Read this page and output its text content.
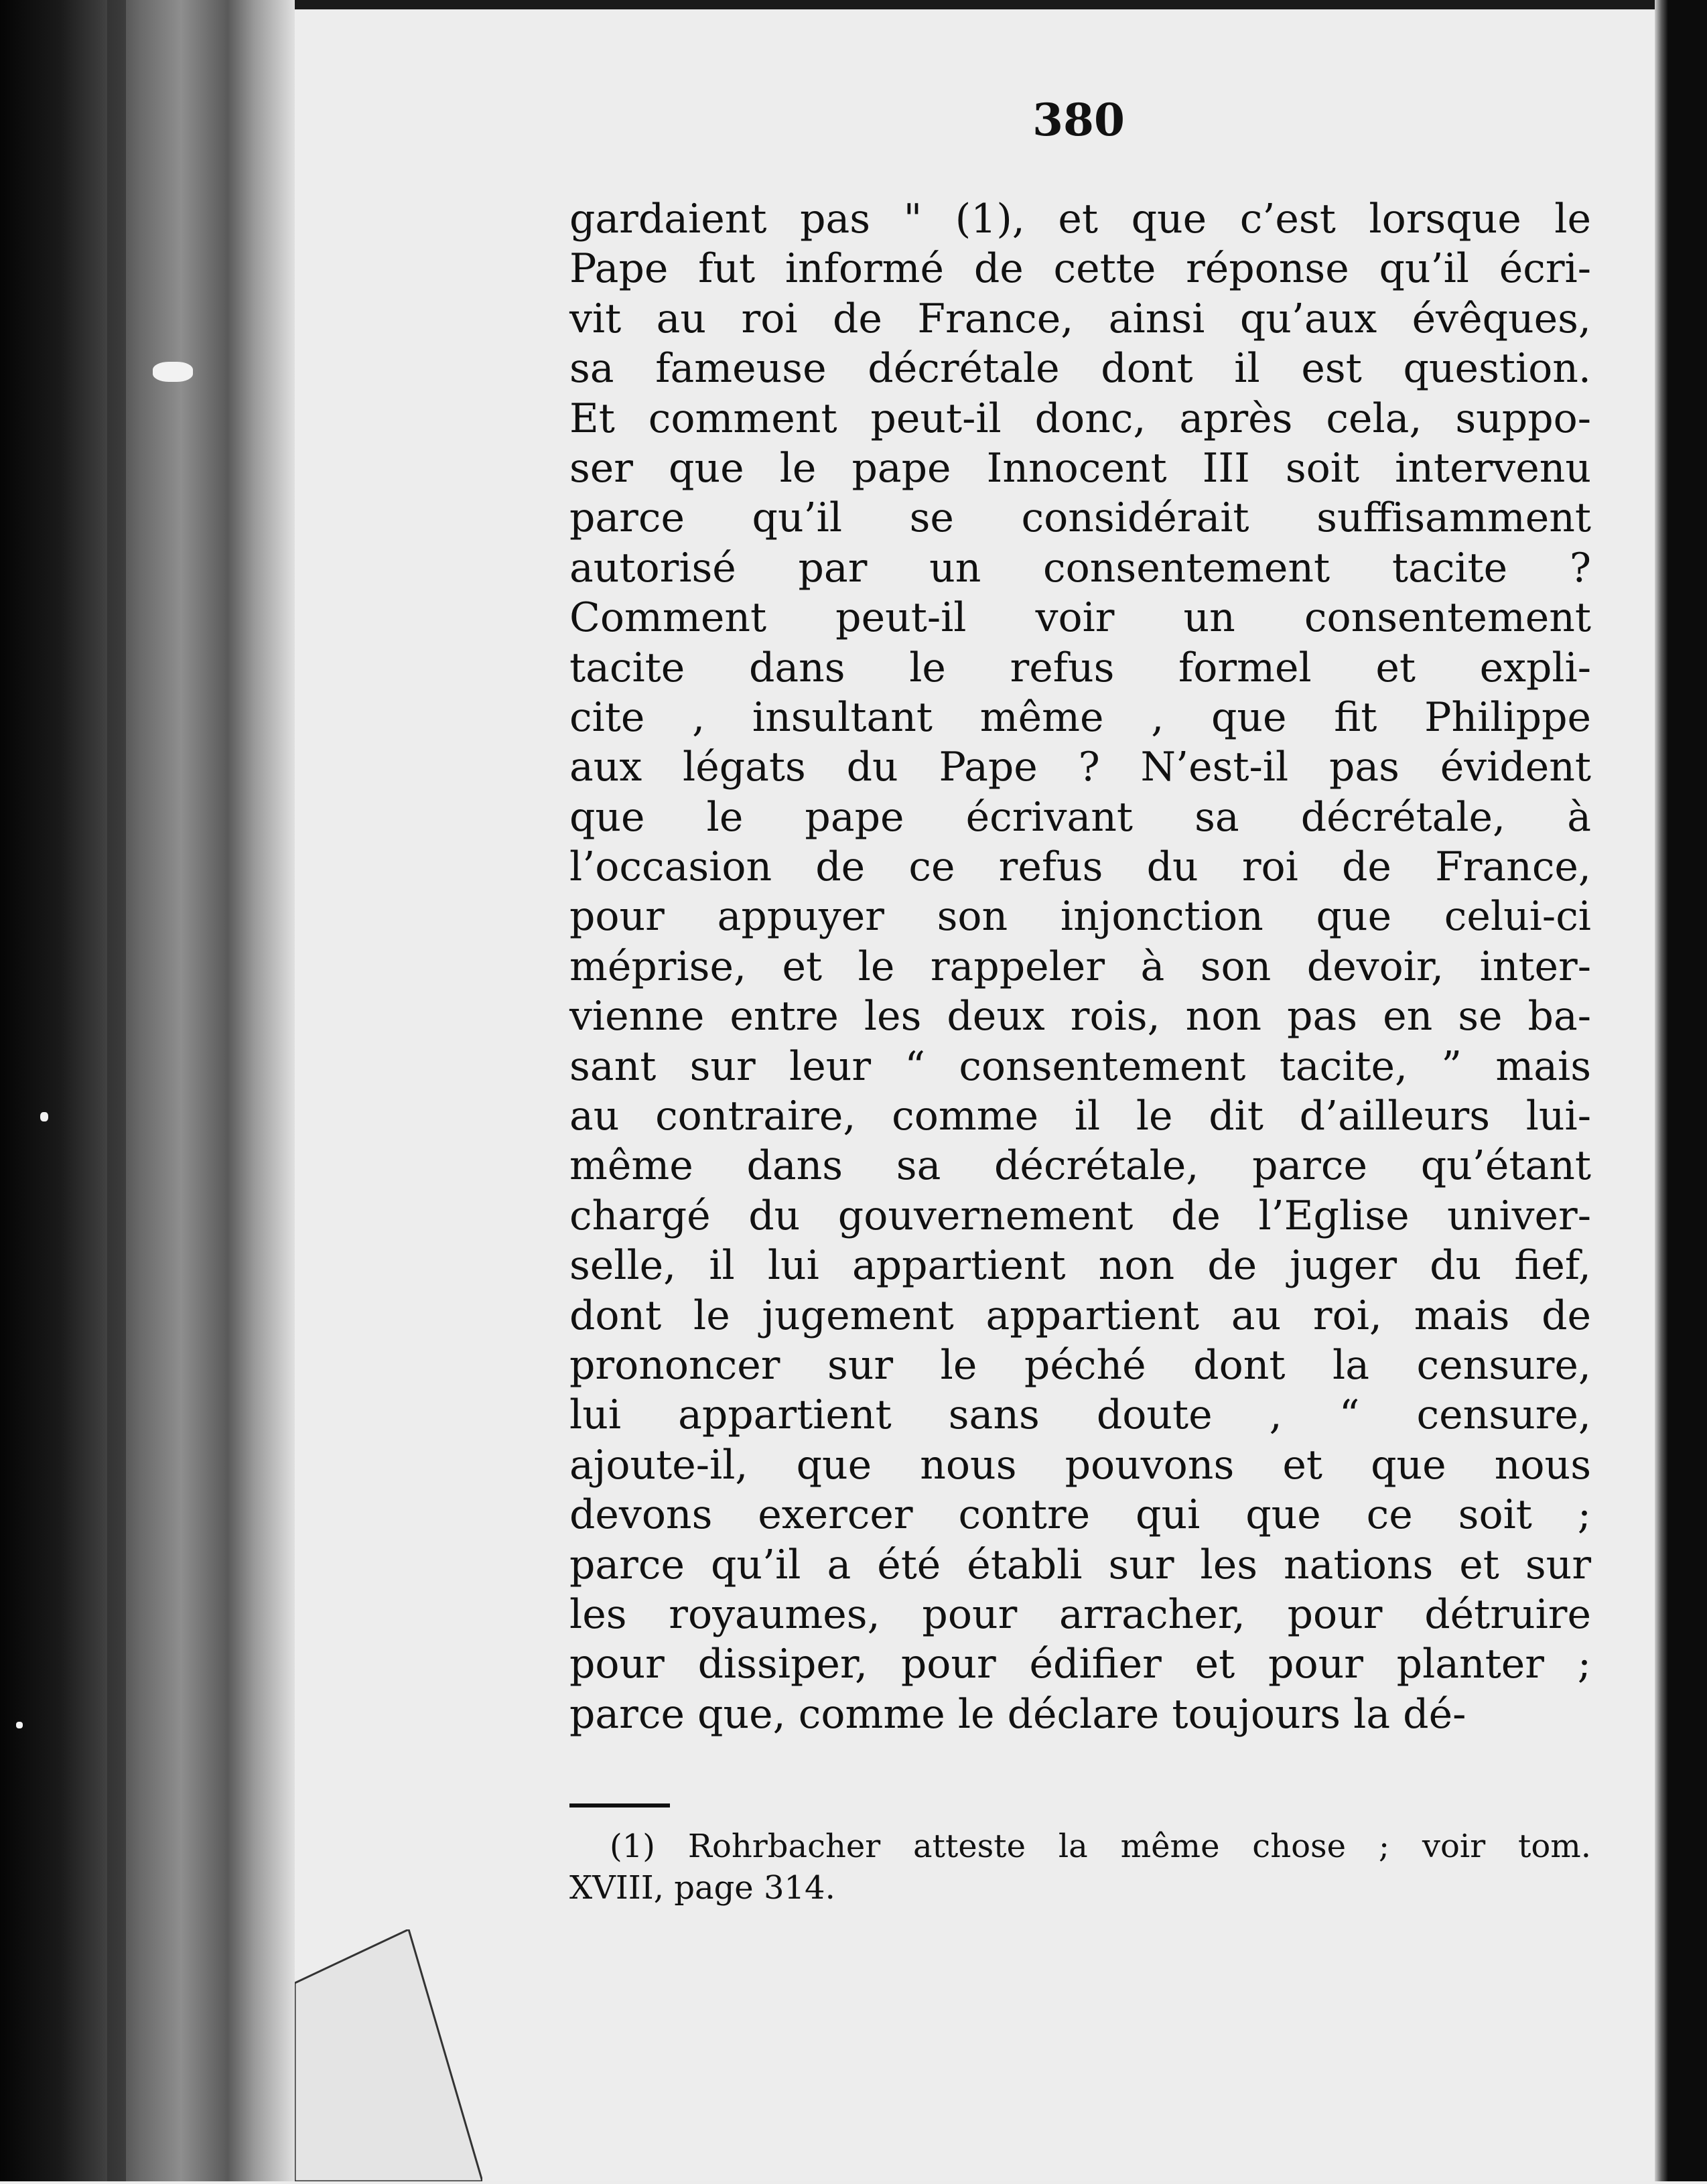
380
gardaient pas " (1), et que c’est lorsque le
Pape fut informé de cette réponse qu’il écri-
vit au roi de France, ainsi qu’aux évêques,
sa fameuse décrétale dont il est question.
Et comment peut-il donc, après cela, suppo-
ser que le pape Innocent III soit intervenu
parce qu’il se considérait suffisamment
autorisé par un consentement tacite ?
Comment peut-il voir un consentement
tacite dans le refus formel et expli-
cite , insultant même , que fit Philippe
aux légats du Pape ? N’est-il pas évident
que le pape écrivant sa décrétale, à
l’occasion de ce refus du roi de France,
pour appuyer son injonction que celui-ci
méprise, et le rappeler à son devoir, inter-
vienne entre les deux rois, non pas en se ba-
sant sur leur “ consentement tacite, ” mais
au contraire, comme il le dit d’ailleurs lui-
même dans sa décrétale, parce qu’étant
chargé du gouvernement de l’Eglise univer-
selle, il lui appartient non de juger du fief,
dont le jugement appartient au roi, mais de
prononcer sur le péché dont la censure,
lui appartient sans doute , “ censure,
ajoute-il, que nous pouvons et que nous
devons exercer contre qui que ce soit ;
parce qu’il a été établi sur les nations et sur
les royaumes, pour arracher, pour détruire
pour dissiper, pour édifier et pour planter ;
parce que, comme le déclare toujours la dé-
(1) Rohrbacher atteste la même chose ; voir tom.
XVIII, page 314.
